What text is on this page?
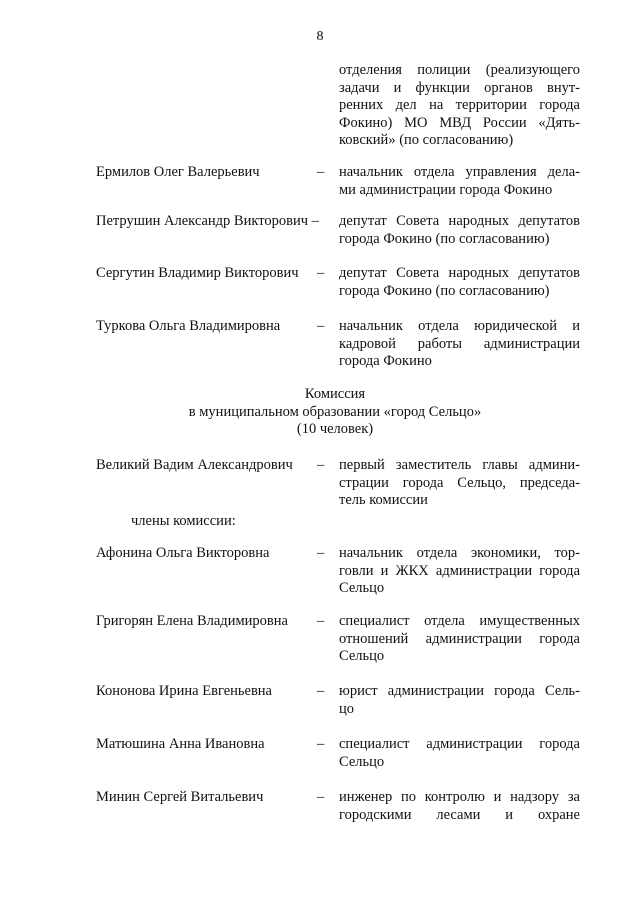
8
отделения полиции (реализующего
задачи и функции органов внут-
ренних дел на территории города
Фокино) МО МВД России «Дять-
ковский» (по согласованию)
Ермилов Олег Валерьевич	– начальник отдела управления дела-
ми администрации города Фокино
Петрушин Александр Викторович – депутат Совета народных депутатов
города Фокино (по согласованию)
Сергутин Владимир Викторович – депутат Совета народных депутатов
города Фокино (по согласованию)
Туркова Ольга Владимировна	– начальник отдела юридической и
кадровой работы администрации
города Фокино
Комиссия
в муниципальном образовании «город Сельцо»
(10 человек)
Великий Вадим Александрович – первый заместитель главы админи-
страции города Сельцо, председа-
тель комиссии
члены комиссии:
Афонина Ольга Викторовна	– начальник отдела экономики, тор-
говли и ЖКХ администрации города
Сельцо
Григорян Елена Владимировна – специалист отдела имущественных
отношений администрации города
Сельцо
Кононова Ирина Евгеньевна	– юрист администрации города Сель-
цо
Матюшина Анна Ивановна	– специалист администрации города
Сельцо
Минин Сергей Витальевич	– инженер по контролю и надзору за
городскими лесами и охране
